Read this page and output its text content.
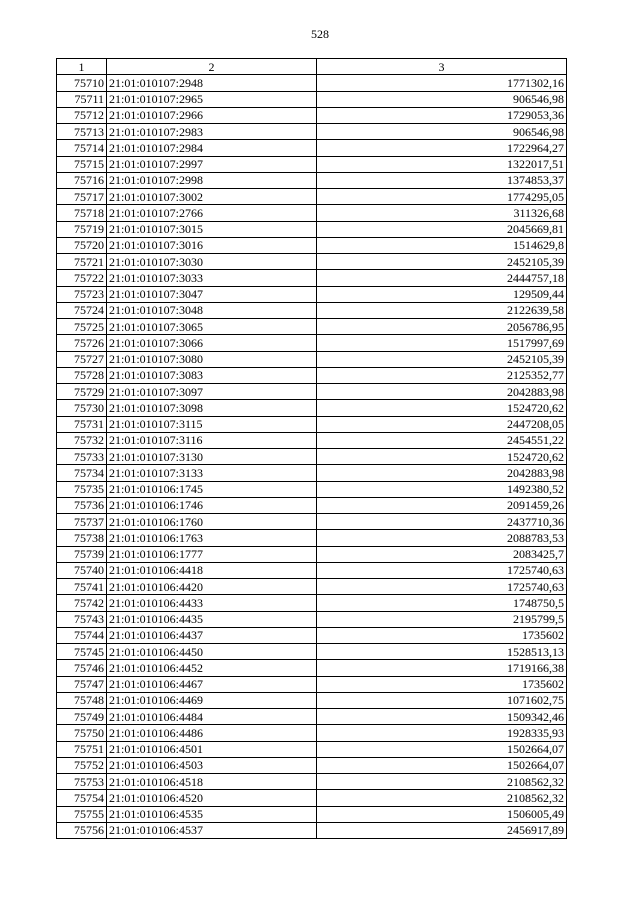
528
1	2	3
75710	21:01:010107:2948	1771302,16
75711	21:01:010107:2965	906546,98
75712	21:01:010107:2966	1729053,36
75713	21:01:010107:2983	906546,98
75714	21:01:010107:2984	1722964,27
75715	21:01:010107:2997	1322017,51
75716	21:01:010107:2998	1374853,37
75717	21:01:010107:3002	1774295,05
75718	21:01:010107:2766	311326,68
75719	21:01:010107:3015	2045669,81
75720	21:01:010107:3016	1514629,8
75721	21:01:010107:3030	2452105,39
75722	21:01:010107:3033	2444757,18
75723	21:01:010107:3047	129509,44
75724	21:01:010107:3048	2122639,58
75725	21:01:010107:3065	2056786,95
75726	21:01:010107:3066	1517997,69
75727	21:01:010107:3080	2452105,39
75728	21:01:010107:3083	2125352,77
75729	21:01:010107:3097	2042883,98
75730	21:01:010107:3098	1524720,62
75731	21:01:010107:3115	2447208,05
75732	21:01:010107:3116	2454551,22
75733	21:01:010107:3130	1524720,62
75734	21:01:010107:3133	2042883,98
75735	21:01:010106:1745	1492380,52
75736	21:01:010106:1746	2091459,26
75737	21:01:010106:1760	2437710,36
75738	21:01:010106:1763	2088783,53
75739	21:01:010106:1777	2083425,7
75740	21:01:010106:4418	1725740,63
75741	21:01:010106:4420	1725740,63
75742	21:01:010106:4433	1748750,5
75743	21:01:010106:4435	2195799,5
75744	21:01:010106:4437	1735602
75745	21:01:010106:4450	1528513,13
75746	21:01:010106:4452	1719166,38
75747	21:01:010106:4467	1735602
75748	21:01:010106:4469	1071602,75
75749	21:01:010106:4484	1509342,46
75750	21:01:010106:4486	1928335,93
75751	21:01:010106:4501	1502664,07
75752	21:01:010106:4503	1502664,07
75753	21:01:010106:4518	2108562,32
75754	21:01:010106:4520	2108562,32
75755	21:01:010106:4535	1506005,49
75756	21:01:010106:4537	2456917,89
